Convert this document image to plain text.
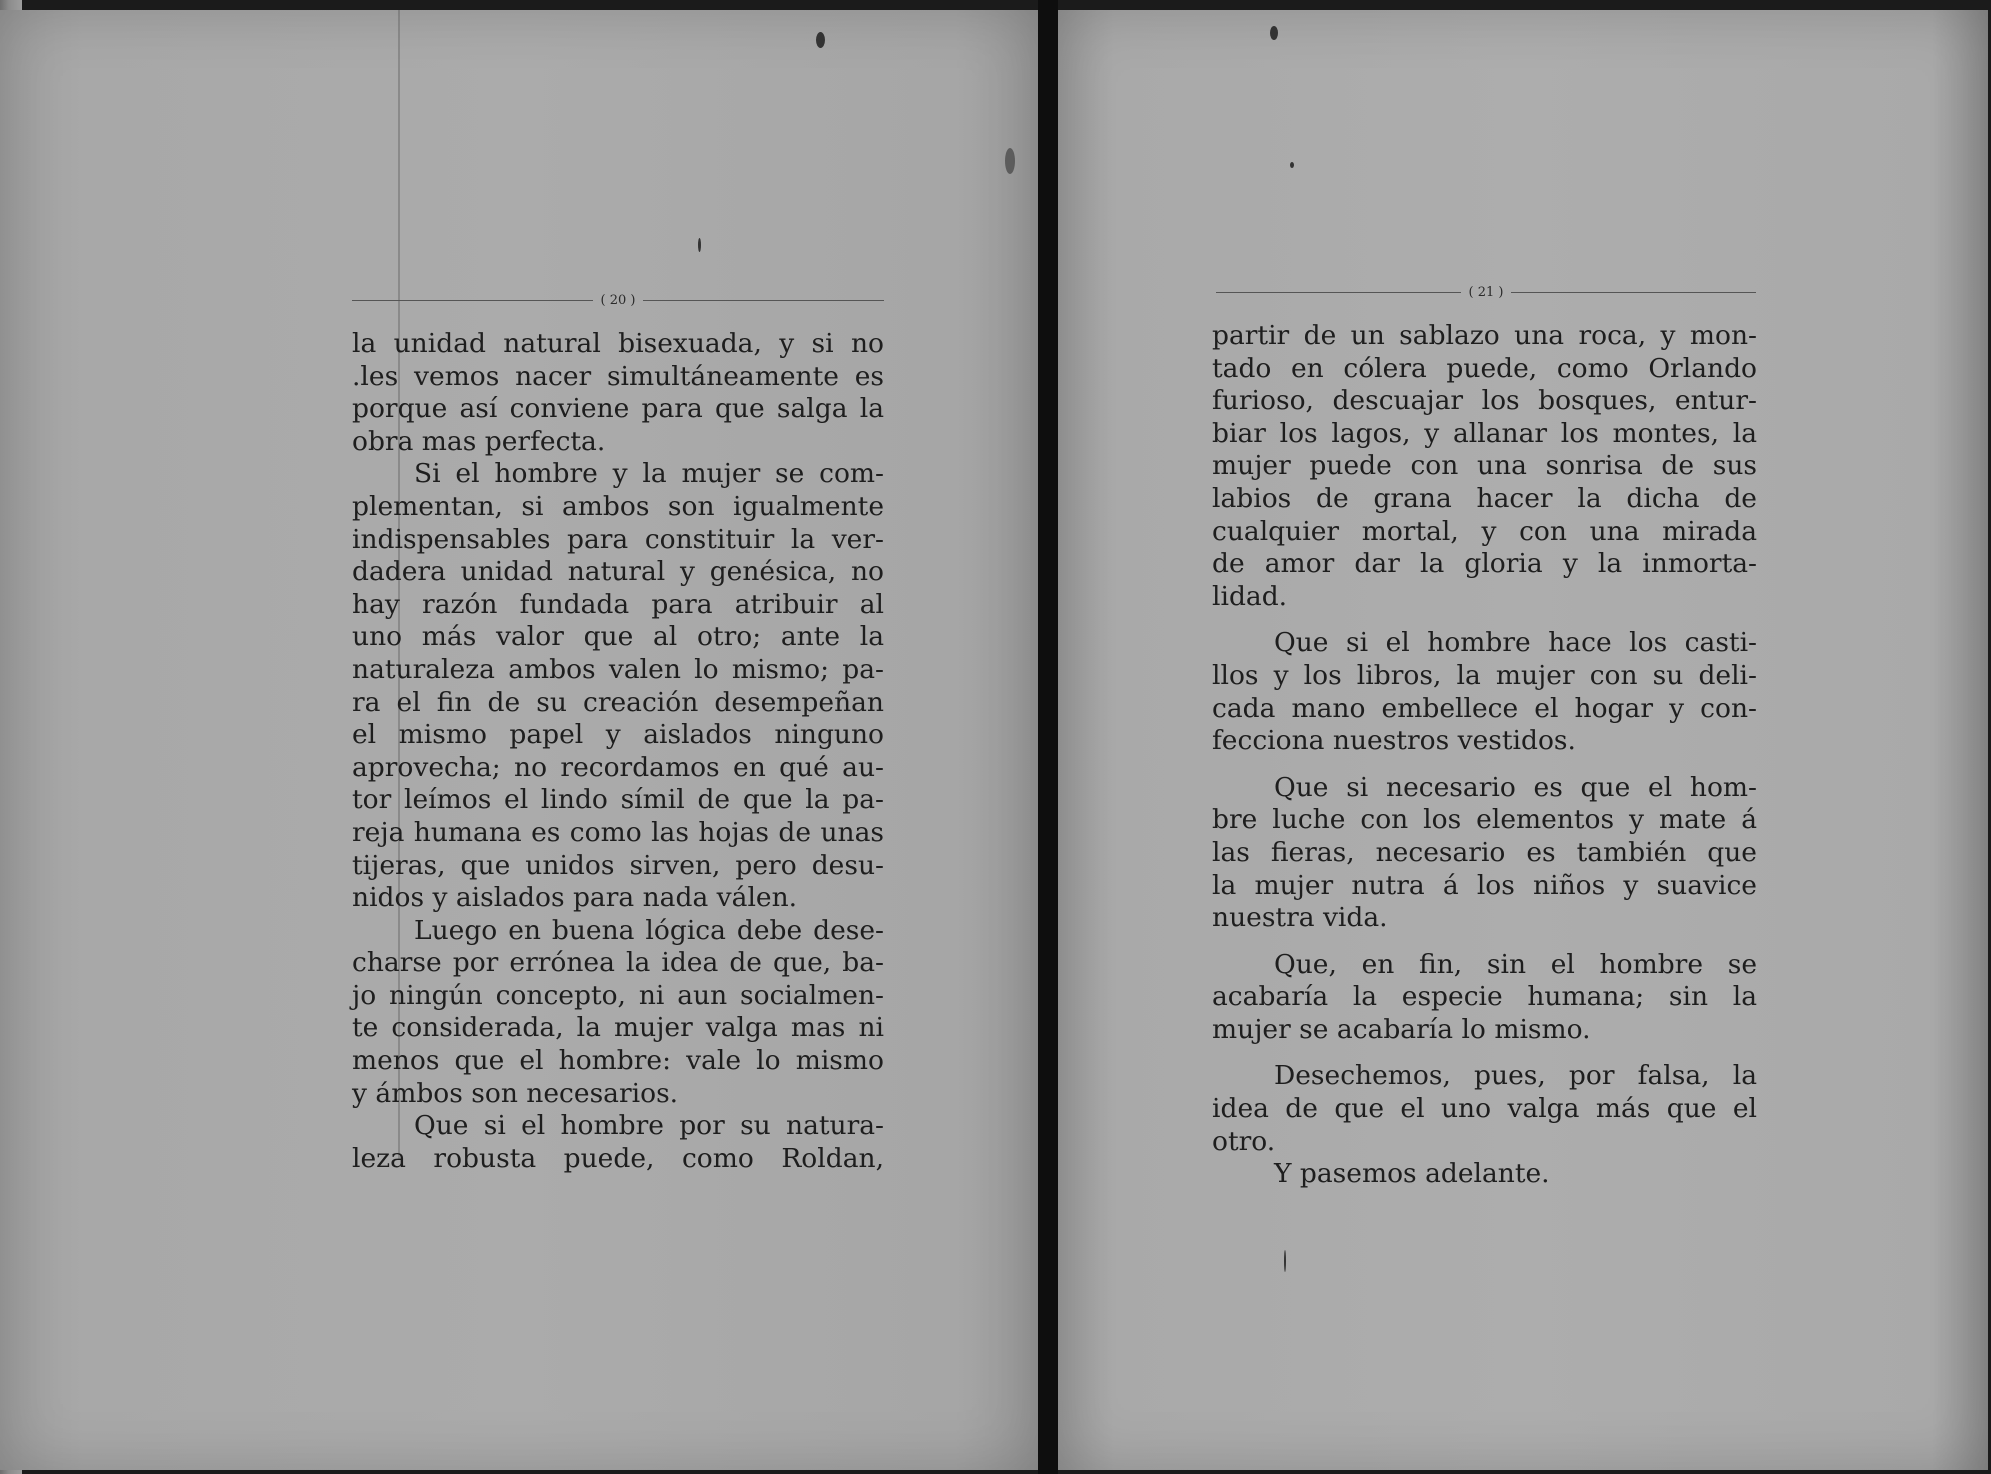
( 20 )
la unidad natural bisexuada, y si no
.les vemos nacer simultáneamente es
porque así conviene para que salga la
obra mas perfecta.
Si el hombre y la mujer se com-
plementan, si ambos son igualmente
indispensables para constituir la ver-
dadera unidad natural y genésica, no
hay razón fundada para atribuir al
uno más valor que al otro; ante la
naturaleza ambos valen lo mismo; pa-
ra el fin de su creación desempeñan
el mismo papel y aislados ninguno
aprovecha; no recordamos en qué au-
tor leímos el lindo símil de que la pa-
reja humana es como las hojas de unas
tijeras, que unidos sirven, pero desu-
nidos y aislados para nada válen.
Luego en buena lógica debe dese-
charse por errónea la idea de que, ba-
jo ningún concepto, ni aun socialmen-
te considerada, la mujer valga mas ni
menos que el hombre: vale lo mismo
y ámbos son necesarios.
Que si el hombre por su natura-
leza robusta puede, como Roldan,
( 21 )
partir de un sablazo una roca, y mon-
tado en cólera puede, como Orlando
furioso, descuajar los bosques, entur-
biar los lagos, y allanar los montes, la
mujer puede con una sonrisa de sus
labios de grana hacer la dicha de
cualquier mortal, y con una mirada
de amor dar la gloria y la inmorta-
lidad.
Que si el hombre hace los casti-
llos y los libros, la mujer con su deli-
cada mano embellece el hogar y con-
fecciona nuestros vestidos.
Que si necesario es que el hom-
bre luche con los elementos y mate á
las fieras, necesario es también que
la mujer nutra á los niños y suavice
nuestra vida.
Que, en fin, sin el hombre se
acabaría la especie humana; sin la
mujer se acabaría lo mismo.
Desechemos, pues, por falsa, la
idea de que el uno valga más que el
otro.
Y pasemos adelante.
